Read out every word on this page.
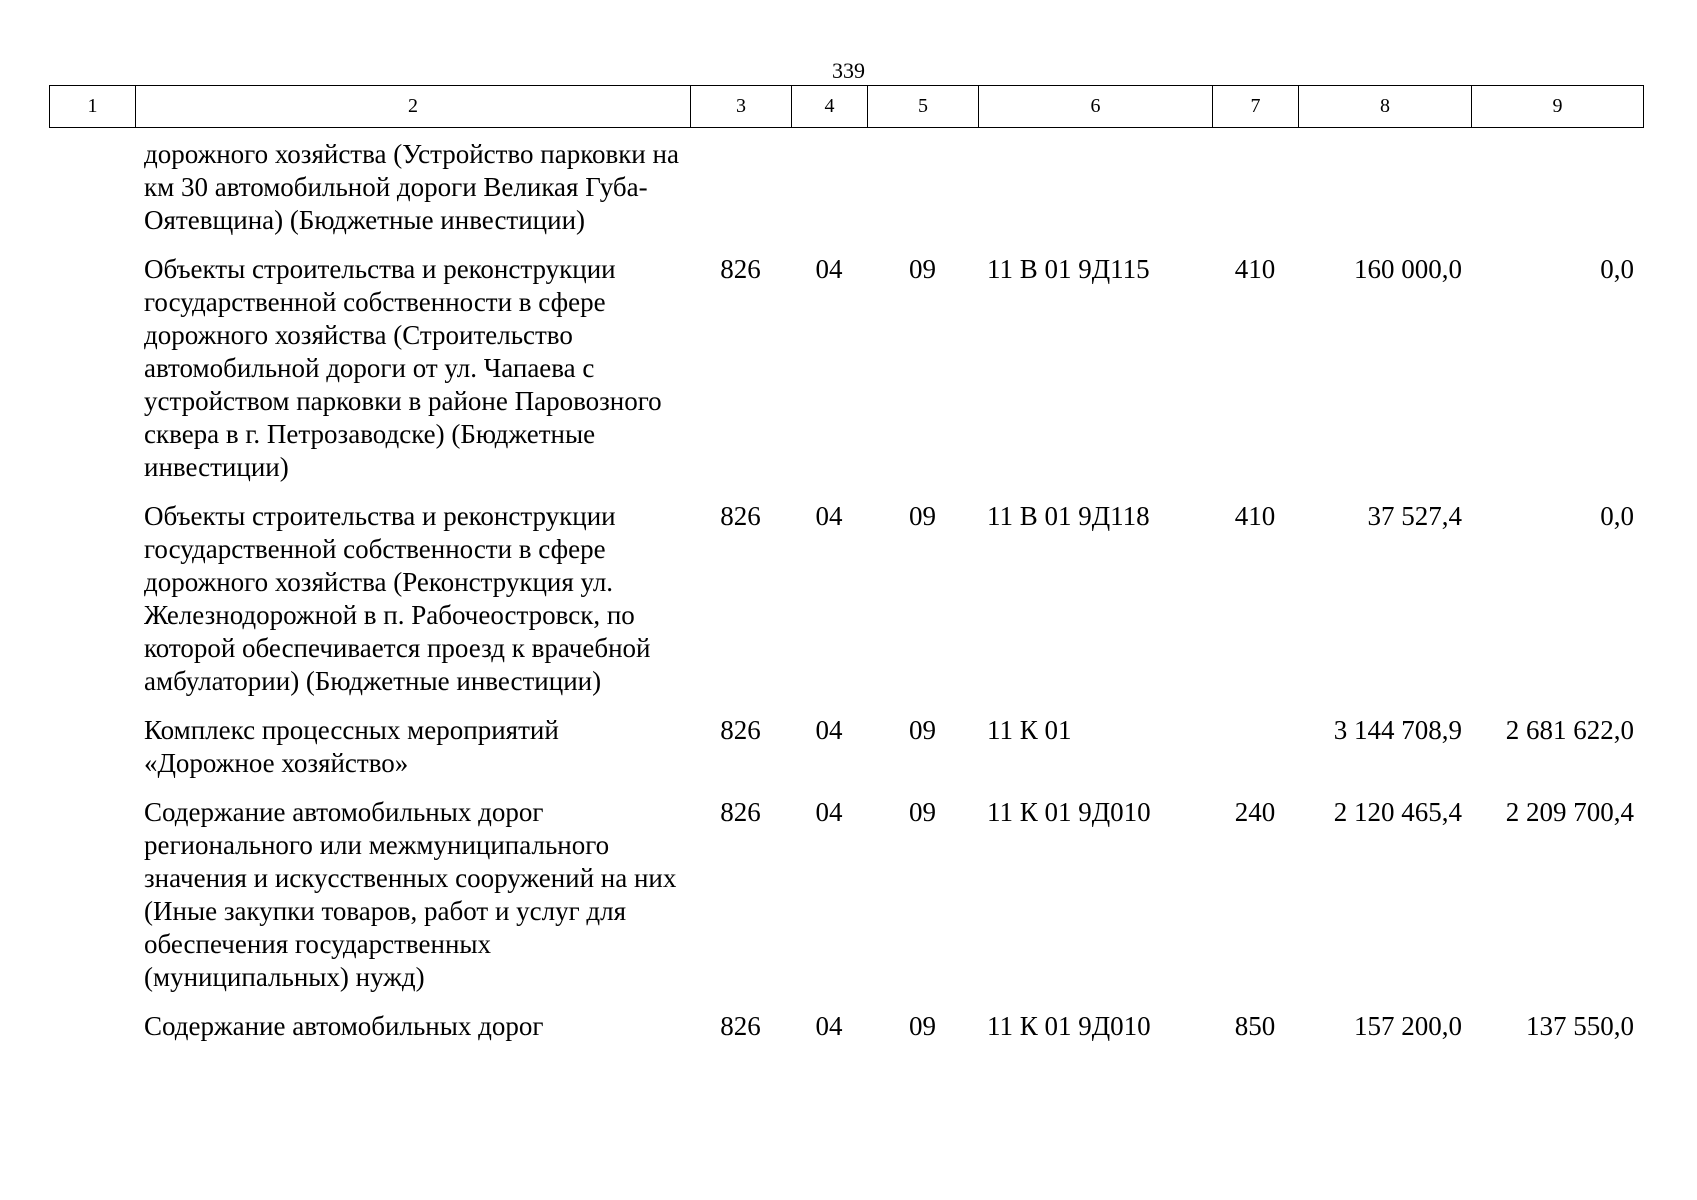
339
1	2	3	4	5	6	7	8	9
	дорожного хозяйства (Устройство парковки на км 30 автомобильной дороги Великая Губа-Оятевщина) (Бюджетные инвестиции)							
	Объекты строительства и реконструкции государственной собственности в сфере дорожного хозяйства (Строительство автомобильной дороги от ул. Чапаева с устройством парковки в районе Паровозного сквера в г. Петрозаводске) (Бюджетные инвестиции)	826	04	09	11 В 01 9Д115	410	160 000,0	0,0
	Объекты строительства и реконструкции государственной собственности в сфере дорожного хозяйства (Реконструкция ул. Железнодорожной в п. Рабочеостровск, по которой обеспечивается проезд к врачебной амбулатории) (Бюджетные инвестиции)	826	04	09	11 В 01 9Д118	410	37 527,4	0,0
	Комплекс процессных мероприятий «Дорожное хозяйство»	826	04	09	11 К 01		3 144 708,9	2 681 622,0
	Содержание автомобильных дорог регионального или межмуниципального значения и искусственных сооружений на них (Иные закупки товаров, работ и услуг для обеспечения государственных (муниципальных) нужд)	826	04	09	11 К 01 9Д010	240	2 120 465,4	2 209 700,4
	Содержание автомобильных дорог	826	04	09	11 К 01 9Д010	850	157 200,0	137 550,0
